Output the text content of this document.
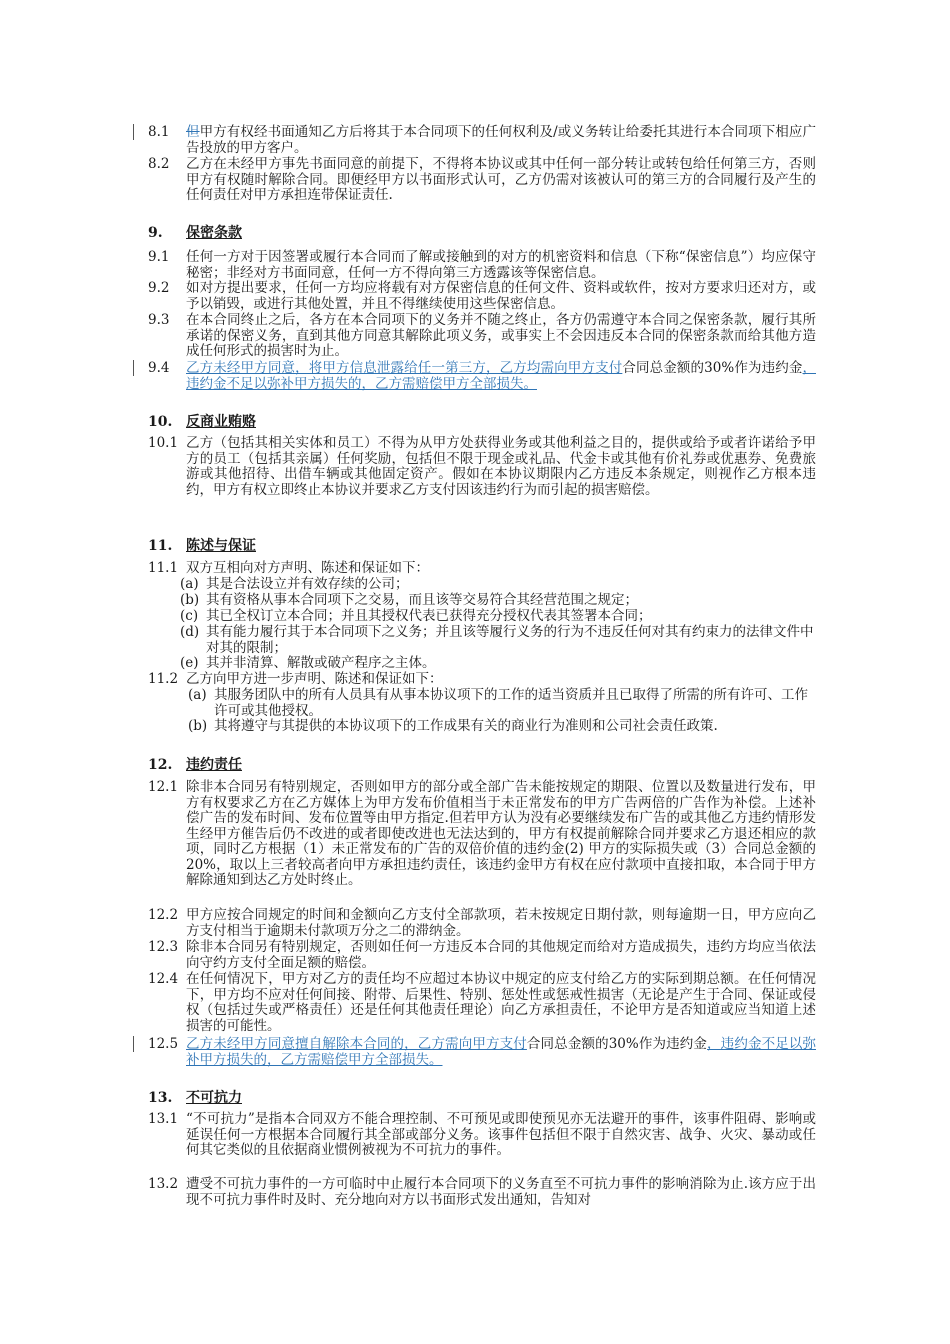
8.1	但甲方有权经书面通知乙方后将其于本合同项下的任何权利及/或义务转让给委托其进行本合同项下相应广告投放的甲方客户。
8.2	乙方在未经甲方事先书面同意的前提下，不得将本协议或其中任何一部分转让或转包给任何第三方，否则甲方有权随时解除合同。即便经甲方以书面形式认可，乙方仍需对该被认可的第三方的合同履行及产生的任何责任对甲方承担连带保证责任.
9. 保密条款
9.1	任何一方对于因签署或履行本合同而了解或接触到的对方的机密资料和信息（下称“保密信息”）均应保守秘密；非经对方书面同意，任何一方不得向第三方透露该等保密信息。
9.2	如对方提出要求，任何一方均应将载有对方保密信息的任何文件、资料或软件，按对方要求归还对方，或予以销毁，或进行其他处置，并且不得继续使用这些保密信息。
9.3	在本合同终止之后，各方在本合同项下的义务并不随之终止，各方仍需遵守本合同之保密条款，履行其所承诺的保密义务，直到其他方同意其解除此项义务，或事实上不会因违反本合同的保密条款而给其他方造成任何形式的损害时为止。
9.4	乙方未经甲方同意，将甲方信息泄露给任一第三方，乙方均需向甲方支付合同总金额的30%作为违约金，违约金不足以弥补甲方损失的，乙方需赔偿甲方全部损失。
10. 反商业贿赂
10.1 乙方（包括其相关实体和员工）不得为从甲方处获得业务或其他利益之目的，提供或给予或者许诺给予甲方的员工（包括其亲属）任何奖励，包括但不限于现金或礼品、代金卡或其他有价礼券或优惠券、免费旅游或其他招待、出借车辆或其他固定资产。假如在本协议期限内乙方违反本条规定，则视作乙方根本违约，甲方有权立即终止本协议并要求乙方支付因该违约行为而引起的损害赔偿。
11. 陈述与保证
11.1 双方互相向对方声明、陈述和保证如下：
(a) 其是合法设立并有效存续的公司；
(b) 其有资格从事本合同项下之交易，而且该等交易符合其经营范围之规定；
(c) 其已全权订立本合同；并且其授权代表已获得充分授权代表其签署本合同；
(d) 其有能力履行其于本合同项下之义务；并且该等履行义务的行为不违反任何对其有约束力的法律文件中对其的限制；
(e) 其并非清算、解散或破产程序之主体。
11.2 乙方向甲方进一步声明、陈述和保证如下：
(a) 其服务团队中的所有人员具有从事本协议项下的工作的适当资质并且已取得了所需的所有许可、工作许可或其他授权。
(b) 其将遵守与其提供的本协议项下的工作成果有关的商业行为准则和公司社会责任政策.
12. 违约责任
12.1 除非本合同另有特别规定，否则如甲方的部分或全部广告未能按规定的期限、位置以及数量进行发布，甲方有权要求乙方在乙方媒体上为甲方发布价值相当于未正常发布的甲方广告两倍的广告作为补偿。上述补偿广告的发布时间、发布位置等由甲方指定.但若甲方认为没有必要继续发布广告的或其他乙方违约情形发生经甲方催告后仍不改进的或者即使改进也无法达到的，甲方有权提前解除合同并要求乙方退还相应的款项，同时乙方根据（1）未正常发布的广告的双倍价值的违约金(2) 甲方的实际损失或（3）合同总金额的20%，取以上三者较高者向甲方承担违约责任，该违约金甲方有权在应付款项中直接扣取，本合同于甲方解除通知到达乙方处时终止。
12.2 甲方应按合同规定的时间和金额向乙方支付全部款项，若未按规定日期付款，则每逾期一日，甲方应向乙方支付相当于逾期未付款项万分之二的滞纳金。
12.3 除非本合同另有特别规定，否则如任何一方违反本合同的其他规定而给对方造成损失，违约方均应当依法向守约方支付全面足额的赔偿。
12.4 在任何情况下，甲方对乙方的责任均不应超过本协议中规定的应支付给乙方的实际到期总额。在任何情况下，甲方均不应对任何间接、附带、后果性、特别、惩处性或惩戒性损害（无论是产生于合同、保证或侵权（包括过失或严格责任）还是任何其他责任理论）向乙方承担责任，不论甲方是否知道或应当知道上述损害的可能性。
12.5 乙方未经甲方同意擅自解除本合同的，乙方需向甲方支付合同总金额的30%作为违约金，违约金不足以弥补甲方损失的，乙方需赔偿甲方全部损失。
13. 不可抗力
13.1 “不可抗力”是指本合同双方不能合理控制、不可预见或即使预见亦无法避开的事件，该事件阻碍、影响或延误任何一方根据本合同履行其全部或部分义务。该事件包括但不限于自然灾害、战争、火灾、暴动或任何其它类似的且依据商业惯例被视为不可抗力的事件。
13.2 遭受不可抗力事件的一方可临时中止履行本合同项下的义务直至不可抗力事件的影响消除为止.该方应于出现不可抗力事件时及时、充分地向对方以书面形式发出通知，告知对
